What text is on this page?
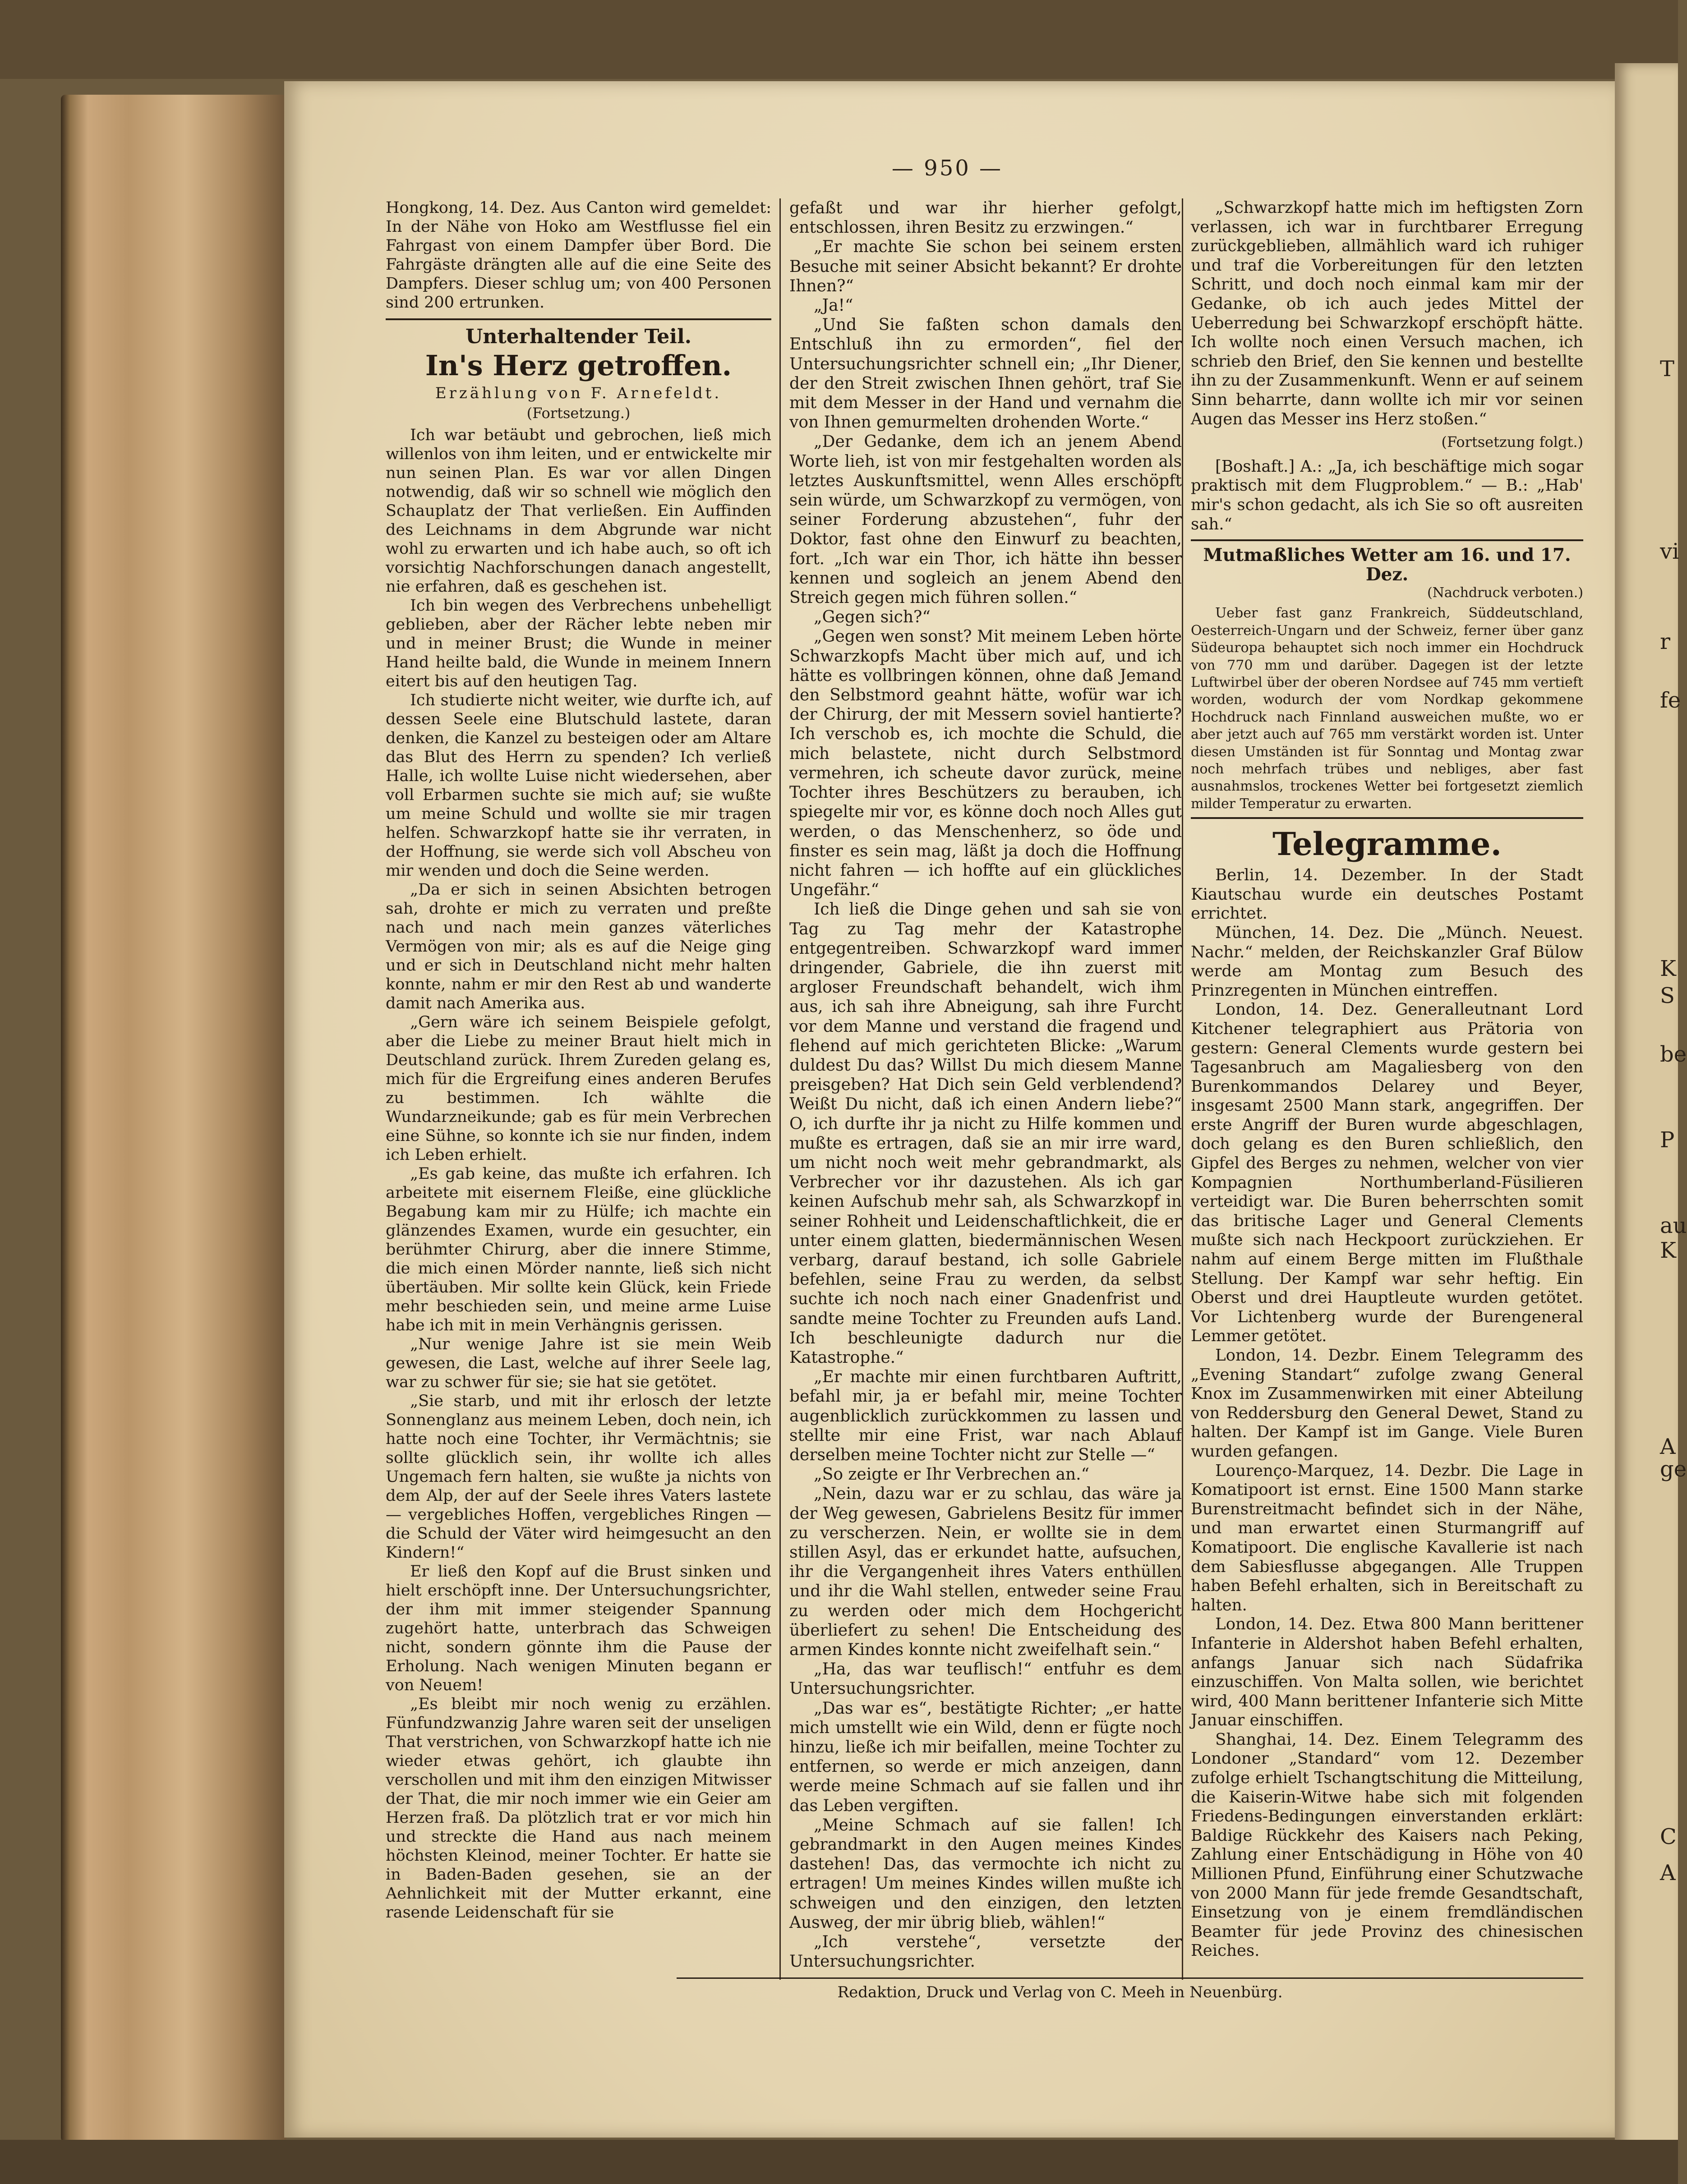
T
vi
r
fe
K
S
be
P
au
K
A
ge
C
A
— 950 —

Hongkong, 14. Dez. Aus Canton wird gemeldet: In der Nähe von Hoko am Westflusse fiel ein Fahrgast von einem Dampfer über Bord. Die Fahrgäste drängten alle auf die eine Seite des Dampfers. Dieser schlug um; von 400 Personen sind 200 ertrunken.

Unterhaltender Teil.
In's Herz getroffen.
Erzählung von F. Arnefeldt.
(Fortsetzung.)

Ich war betäubt und gebrochen, ließ mich willenlos von ihm leiten, und er entwickelte mir nun seinen Plan. Es war vor allen Dingen notwendig, daß wir so schnell wie möglich den Schauplatz der That verließen. Ein Auffinden des Leichnams in dem Abgrunde war nicht wohl zu erwarten und ich habe auch, so oft ich vorsichtig Nachforschungen danach angestellt, nie erfahren, daß es geschehen ist.

Ich bin wegen des Verbrechens unbehelligt geblieben, aber der Rächer lebte neben mir und in meiner Brust; die Wunde in meiner Hand heilte bald, die Wunde in meinem Innern eitert bis auf den heutigen Tag.

Ich studierte nicht weiter, wie durfte ich, auf dessen Seele eine Blutschuld lastete, daran denken, die Kanzel zu besteigen oder am Altare das Blut des Herrn zu spenden? Ich verließ Halle, ich wollte Luise nicht wiedersehen, aber voll Erbarmen suchte sie mich auf; sie wußte um meine Schuld und wollte sie mir tragen helfen. Schwarzkopf hatte sie ihr verraten, in der Hoffnung, sie werde sich voll Abscheu von mir wenden und doch die Seine werden.

„Da er sich in seinen Absichten betrogen sah, drohte er mich zu verraten und preßte nach und nach mein ganzes väterliches Vermögen von mir; als es auf die Neige ging und er sich in Deutschland nicht mehr halten konnte, nahm er mir den Rest ab und wanderte damit nach Amerika aus.

„Gern wäre ich seinem Beispiele gefolgt, aber die Liebe zu meiner Braut hielt mich in Deutschland zurück. Ihrem Zureden gelang es, mich für die Ergreifung eines anderen Berufes zu bestimmen. Ich wählte die Wundarzneikunde; gab es für mein Verbrechen eine Sühne, so konnte ich sie nur finden, indem ich Leben erhielt.

„Es gab keine, das mußte ich erfahren. Ich arbeitete mit eisernem Fleiße, eine glückliche Begabung kam mir zu Hülfe; ich machte ein glänzendes Examen, wurde ein gesuchter, ein berühmter Chirurg, aber die innere Stimme, die mich einen Mörder nannte, ließ sich nicht übertäuben. Mir sollte kein Glück, kein Friede mehr beschieden sein, und meine arme Luise habe ich mit in mein Verhängnis gerissen.

„Nur wenige Jahre ist sie mein Weib gewesen, die Last, welche auf ihrer Seele lag, war zu schwer für sie; sie hat sie getötet.

„Sie starb, und mit ihr erlosch der letzte Sonnenglanz aus meinem Leben, doch nein, ich hatte noch eine Tochter, ihr Vermächtnis; sie sollte glücklich sein, ihr wollte ich alles Ungemach fern halten, sie wußte ja nichts von dem Alp, der auf der Seele ihres Vaters lastete — vergebliches Hoffen, vergebliches Ringen — die Schuld der Väter wird heimgesucht an den Kindern!“

Er ließ den Kopf auf die Brust sinken und hielt erschöpft inne. Der Untersuchungsrichter, der ihm mit immer steigender Spannung zugehört hatte, unterbrach das Schweigen nicht, sondern gönnte ihm die Pause der Erholung. Nach wenigen Minuten begann er von Neuem!

„Es bleibt mir noch wenig zu erzählen. Fünfundzwanzig Jahre waren seit der unseligen That verstrichen, von Schwarzkopf hatte ich nie wieder etwas gehört, ich glaubte ihn verschollen und mit ihm den einzigen Mitwisser der That, die mir noch immer wie ein Geier am Herzen fraß. Da plötzlich trat er vor mich hin und streckte die Hand aus nach meinem höchsten Kleinod, meiner Tochter. Er hatte sie in Baden-Baden gesehen, sie an der Aehnlichkeit mit der Mutter erkannt, eine rasende Leidenschaft für sie

gefaßt und war ihr hierher gefolgt, entschlossen, ihren Besitz zu erzwingen.“

„Er machte Sie schon bei seinem ersten Besuche mit seiner Absicht bekannt? Er drohte Ihnen?“

„Ja!“

„Und Sie faßten schon damals den Entschluß ihn zu ermorden“, fiel der Untersuchungsrichter schnell ein; „Ihr Diener, der den Streit zwischen Ihnen gehört, traf Sie mit dem Messer in der Hand und vernahm die von Ihnen gemurmelten drohenden Worte.“

„Der Gedanke, dem ich an jenem Abend Worte lieh, ist von mir festgehalten worden als letztes Auskunftsmittel, wenn Alles erschöpft sein würde, um Schwarzkopf zu vermögen, von seiner Forderung abzustehen“, fuhr der Doktor, fast ohne den Einwurf zu beachten, fort. „Ich war ein Thor, ich hätte ihn besser kennen und sogleich an jenem Abend den Streich gegen mich führen sollen.“

„Gegen sich?“

„Gegen wen sonst? Mit meinem Leben hörte Schwarzkopfs Macht über mich auf, und ich hätte es vollbringen können, ohne daß Jemand den Selbstmord geahnt hätte, wofür war ich der Chirurg, der mit Messern soviel hantierte? Ich verschob es, ich mochte die Schuld, die mich belastete, nicht durch Selbstmord vermehren, ich scheute davor zurück, meine Tochter ihres Beschützers zu berauben, ich spiegelte mir vor, es könne doch noch Alles gut werden, o das Menschenherz, so öde und finster es sein mag, läßt ja doch die Hoffnung nicht fahren — ich hoffte auf ein glückliches Ungefähr.“

Ich ließ die Dinge gehen und sah sie von Tag zu Tag mehr der Katastrophe entgegentreiben. Schwarzkopf ward immer dringender, Gabriele, die ihn zuerst mit argloser Freundschaft behandelt, wich ihm aus, ich sah ihre Abneigung, sah ihre Furcht vor dem Manne und verstand die fragend und flehend auf mich gerichteten Blicke: „Warum duldest Du das? Willst Du mich diesem Manne preisgeben? Hat Dich sein Geld verblendend? Weißt Du nicht, daß ich einen Andern liebe?“ O, ich durfte ihr ja nicht zu Hilfe kommen und mußte es ertragen, daß sie an mir irre ward, um nicht noch weit mehr gebrandmarkt, als Verbrecher vor ihr dazustehen. Als ich gar keinen Aufschub mehr sah, als Schwarzkopf in seiner Rohheit und Leidenschaftlichkeit, die er unter einem glatten, biedermännischen Wesen verbarg, darauf bestand, ich solle Gabriele befehlen, seine Frau zu werden, da selbst suchte ich noch nach einer Gnadenfrist und sandte meine Tochter zu Freunden aufs Land. Ich beschleunigte dadurch nur die Katastrophe.“

„Er machte mir einen furchtbaren Auftritt, befahl mir, ja er befahl mir, meine Tochter augenblicklich zurückkommen zu lassen und stellte mir eine Frist, war nach Ablauf derselben meine Tochter nicht zur Stelle —“

„So zeigte er Ihr Verbrechen an.“

„Nein, dazu war er zu schlau, das wäre ja der Weg gewesen, Gabrielens Besitz für immer zu verscherzen. Nein, er wollte sie in dem stillen Asyl, das er erkundet hatte, aufsuchen, ihr die Vergangenheit ihres Vaters enthüllen und ihr die Wahl stellen, entweder seine Frau zu werden oder mich dem Hochgericht überliefert zu sehen! Die Entscheidung des armen Kindes konnte nicht zweifelhaft sein.“

„Ha, das war teuflisch!“ entfuhr es dem Untersuchungsrichter.

„Das war es“, bestätigte Richter; „er hatte mich umstellt wie ein Wild, denn er fügte noch hinzu, ließe ich mir beifallen, meine Tochter zu entfernen, so werde er mich anzeigen, dann werde meine Schmach auf sie fallen und ihr das Leben vergiften.

„Meine Schmach auf sie fallen! Ich gebrandmarkt in den Augen meines Kindes dastehen! Das, das vermochte ich nicht zu ertragen! Um meines Kindes willen mußte ich schweigen und den einzigen, den letzten Ausweg, der mir übrig blieb, wählen!“

„Ich verstehe“, versetzte der Untersuchungsrichter.

„Schwarzkopf hatte mich im heftigsten Zorn verlassen, ich war in furchtbarer Erregung zurückgeblieben, allmählich ward ich ruhiger und traf die Vorbereitungen für den letzten Schritt, und doch noch einmal kam mir der Gedanke, ob ich auch jedes Mittel der Ueberredung bei Schwarzkopf erschöpft hätte. Ich wollte noch einen Versuch machen, ich schrieb den Brief, den Sie kennen und bestellte ihn zu der Zusammenkunft. Wenn er auf seinem Sinn beharrte, dann wollte ich mir vor seinen Augen das Messer ins Herz stoßen.“

(Fortsetzung folgt.)

[Boshaft.] A.: „Ja, ich beschäftige mich sogar praktisch mit dem Flugproblem.“ — B.: „Hab' mir's schon gedacht, als ich Sie so oft ausreiten sah.“

Mutmaßliches Wetter am 16. und 17. Dez.
(Nachdruck verboten.)

Ueber fast ganz Frankreich, Süddeutschland, Oesterreich-Ungarn und der Schweiz, ferner über ganz Südeuropa behauptet sich noch immer ein Hochdruck von 770 mm und darüber. Dagegen ist der letzte Luftwirbel über der oberen Nordsee auf 745 mm vertieft worden, wodurch der vom Nordkap gekommene Hochdruck nach Finnland ausweichen mußte, wo er aber jetzt auch auf 765 mm verstärkt worden ist. Unter diesen Umständen ist für Sonntag und Montag zwar noch mehrfach trübes und nebliges, aber fast ausnahmslos, trockenes Wetter bei fortgesetzt ziemlich milder Temperatur zu erwarten.

Telegramme.

Berlin, 14. Dezember. In der Stadt Kiautschau wurde ein deutsches Postamt errichtet.

München, 14. Dez. Die „Münch. Neuest. Nachr.“ melden, der Reichskanzler Graf Bülow werde am Montag zum Besuch des Prinzregenten in München eintreffen.

London, 14. Dez. Generalleutnant Lord Kitchener telegraphiert aus Prätoria von gestern: General Clements wurde gestern bei Tagesanbruch am Magaliesberg von den Burenkommandos Delarey und Beyer, insgesamt 2500 Mann stark, angegriffen. Der erste Angriff der Buren wurde abgeschlagen, doch gelang es den Buren schließlich, den Gipfel des Berges zu nehmen, welcher von vier Kompagnien Northumberland-Füsilieren verteidigt war. Die Buren beherrschten somit das britische Lager und General Clements mußte sich nach Heckpoort zurückziehen. Er nahm auf einem Berge mitten im Flußthale Stellung. Der Kampf war sehr heftig. Ein Oberst und drei Hauptleute wurden getötet. Vor Lichtenberg wurde der Burengeneral Lemmer getötet.

London, 14. Dezbr. Einem Telegramm des „Evening Standart“ zufolge zwang General Knox im Zusammenwirken mit einer Abteilung von Reddersburg den General Dewet, Stand zu halten. Der Kampf ist im Gange. Viele Buren wurden gefangen.

Lourenço-Marquez, 14. Dezbr. Die Lage in Komatipoort ist ernst. Eine 1500 Mann starke Burenstreitmacht befindet sich in der Nähe, und man erwartet einen Sturmangriff auf Komatipoort. Die englische Kavallerie ist nach dem Sabiesflusse abgegangen. Alle Truppen haben Befehl erhalten, sich in Bereitschaft zu halten.

London, 14. Dez. Etwa 800 Mann berittener Infanterie in Aldershot haben Befehl erhalten, anfangs Januar sich nach Südafrika einzuschiffen. Von Malta sollen, wie berichtet wird, 400 Mann berittener Infanterie sich Mitte Januar einschiffen.

Shanghai, 14. Dez. Einem Telegramm des Londoner „Standard“ vom 12. Dezember zufolge erhielt Tschangtschitung die Mitteilung, die Kaiserin-Witwe habe sich mit folgenden Friedens-Bedingungen einverstanden erklärt: Baldige Rückkehr des Kaisers nach Peking, Zahlung einer Entschädigung in Höhe von 40 Millionen Pfund, Einführung einer Schutzwache von 2000 Mann für jede fremde Gesandtschaft, Einsetzung von je einem fremdländischen Beamter für jede Provinz des chinesischen Reiches.

Redaktion, Druck und Verlag von C. Meeh in Neuenbürg.
